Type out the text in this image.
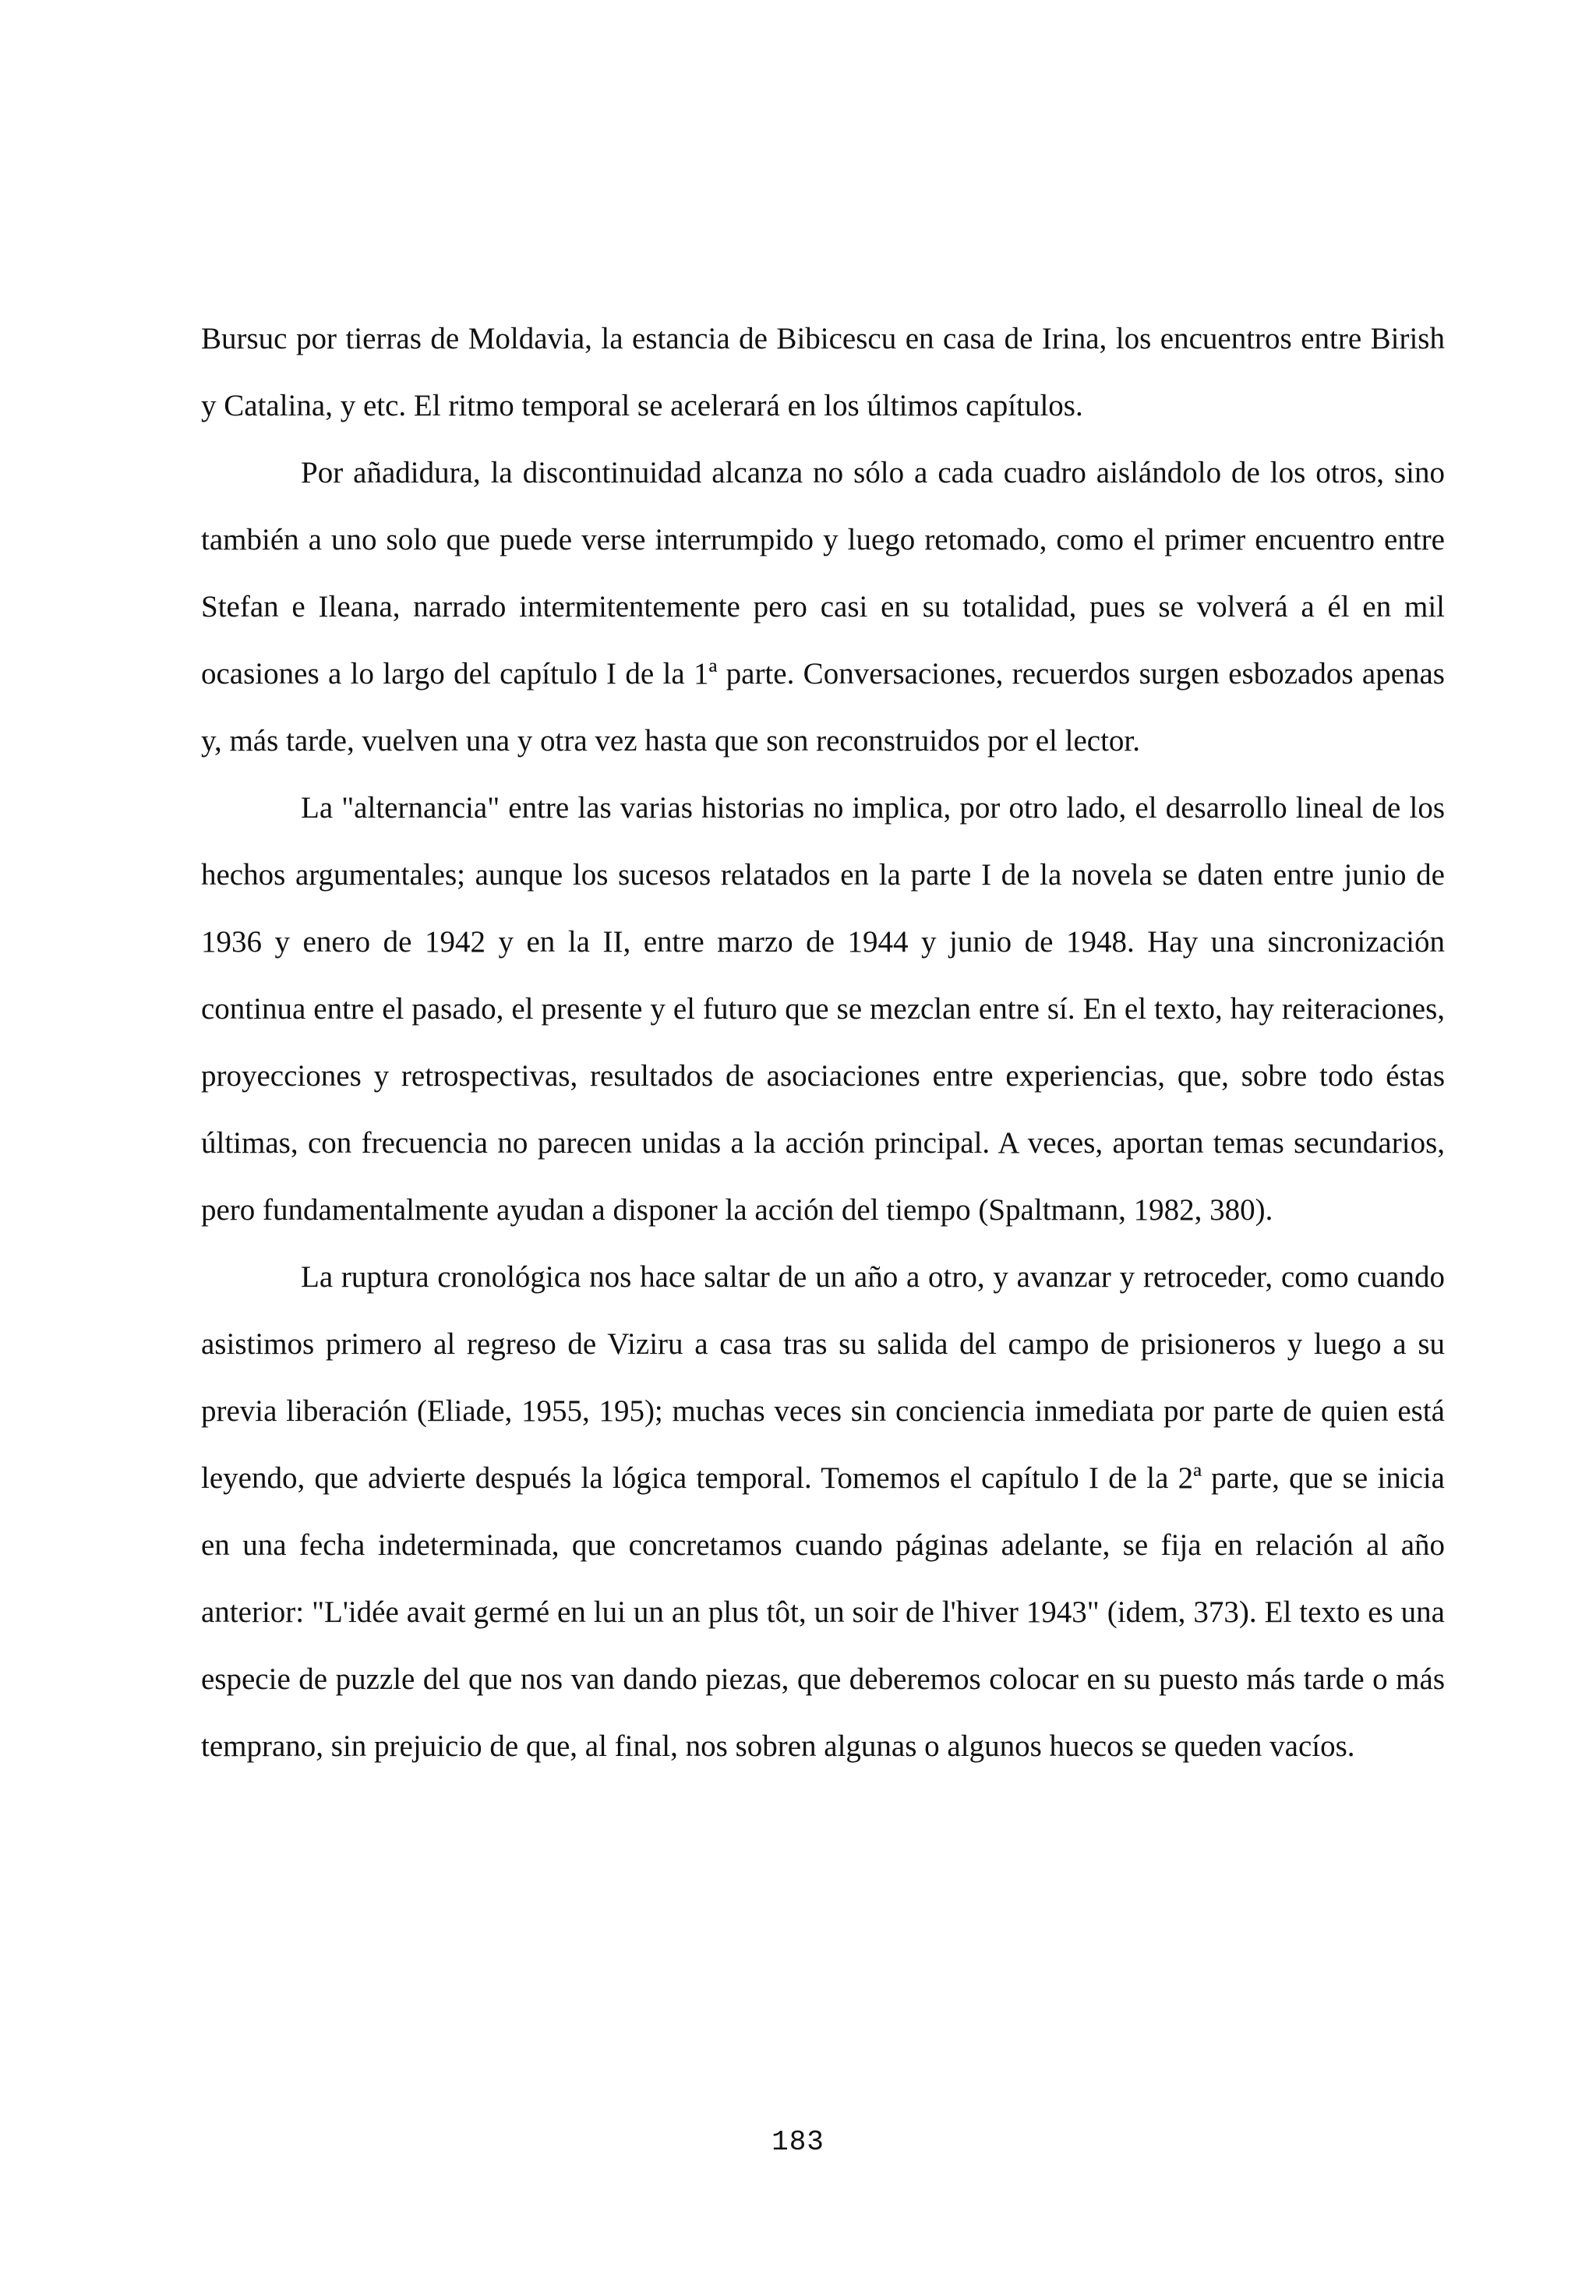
Bursuc por tierras de Moldavia, la estancia de Bibicescu en casa de Irina, los encuentros entre Birish y Catalina, y etc. El ritmo temporal se acelerará en los últimos capítulos.

Por añadidura, la discontinuidad alcanza no sólo a cada cuadro aislándolo de los otros, sino también a uno solo que puede verse interrumpido y luego retomado, como el primer encuentro entre Stefan e Ileana, narrado intermitentemente pero casi en su totalidad, pues se volverá a él en mil ocasiones a lo largo del capítulo I de la 1ª parte. Conversaciones, recuerdos surgen esbozados apenas y, más tarde, vuelven una y otra vez hasta que son reconstruidos por el lector.

La "alternancia" entre las varias historias no implica, por otro lado, el desarrollo lineal de los hechos argumentales; aunque los sucesos relatados en la parte I de la novela se daten entre junio de 1936 y enero de 1942 y en la II, entre marzo de 1944 y junio de 1948. Hay una sincronización continua entre el pasado, el presente y el futuro que se mezclan entre sí. En el texto, hay reiteraciones, proyecciones y retrospectivas, resultados de asociaciones entre experiencias, que, sobre todo éstas últimas, con frecuencia no parecen unidas a la acción principal. A veces, aportan temas secundarios, pero fundamentalmente ayudan a disponer la acción del tiempo (Spaltmann, 1982, 380).

La ruptura cronológica nos hace saltar de un año a otro, y avanzar y retroceder, como cuando asistimos primero al regreso de Viziru a casa tras su salida del campo de prisioneros y luego a su previa liberación (Eliade, 1955, 195); muchas veces sin conciencia inmediata por parte de quien está leyendo, que advierte después la lógica temporal. Tomemos el capítulo I de la 2ª parte, que se inicia en una fecha indeterminada, que concretamos cuando páginas adelante, se fija en relación al año anterior: "L'idée avait germé en lui un an plus tôt, un soir de l'hiver 1943" (idem, 373). El texto es una especie de puzzle del que nos van dando piezas, que deberemos colocar en su puesto más tarde o más temprano, sin prejuicio de que, al final, nos sobren algunas o algunos huecos se queden vacíos.

183
